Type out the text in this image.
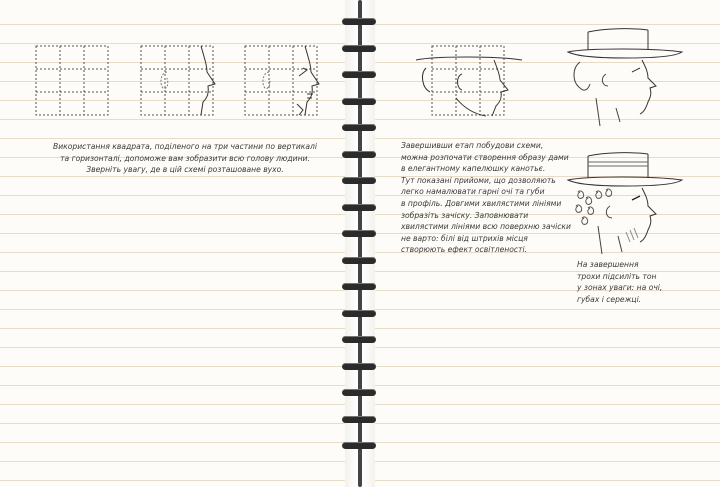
Використання квадрата, поділеного на три частини по вертикалі
та горизонталі, допоможе вам зобразити всю голову людини.
Зверніть увагу, де в цій схемі розташоване вухо.

Завершивши етап побудови схеми,
можна розпочати створення образу дами
в елегантному капелюшку канотьє.
Тут показані прийоми, що дозволяють
легко намалювати гарні очі та губи
в профіль. Довгими хвилястими лініями
зобразіть зачіску. Заповнювати
хвилястими лініями всю поверхню зачіски
не варто: білі від штрихів місця
створюють ефект освітленості.

На завершення
трохи підсиліть тон
у зонах уваги: на очі,
губах і сережці.
